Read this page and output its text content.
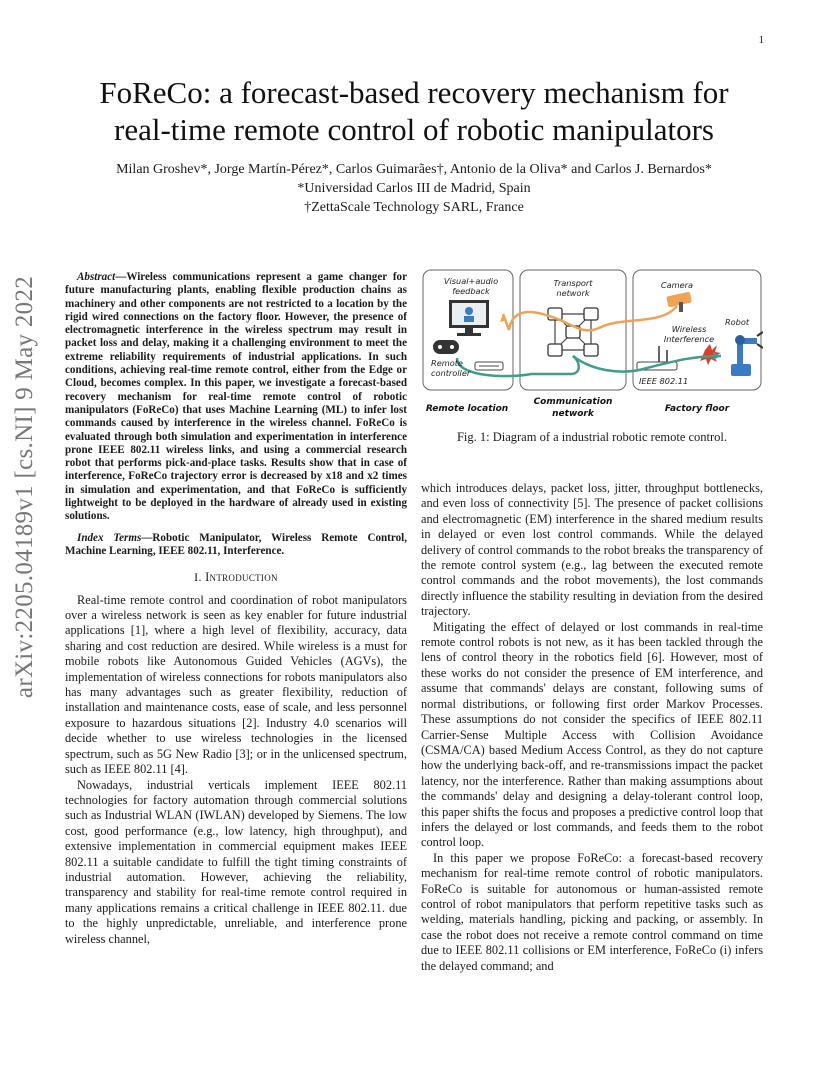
1
arXiv:2205.04189v1 [cs.NI] 9 May 2022
FoReCo: a forecast-based recovery mechanism for
real-time remote control of robotic manipulators
Milan Groshev*, Jorge Martín-Pérez*, Carlos Guimarães†, Antonio de la Oliva* and Carlos J. Bernardos*
*Universidad Carlos III de Madrid, Spain
†ZettaScale Technology SARL, France

Abstract—Wireless communications represent a game changer for future manufacturing plants, enabling flexible production chains as machinery and other components are not restricted to a location by the rigid wired connections on the factory floor. However, the presence of electromagnetic interference in the wireless spectrum may result in packet loss and delay, making it a challenging environment to meet the extreme reliability requirements of industrial applications. In such conditions, achieving real-time remote control, either from the Edge or Cloud, becomes complex. In this paper, we investigate a forecast-based recovery mechanism for real-time remote control of robotic manipulators (FoReCo) that uses Machine Learning (ML) to infer lost commands caused by interference in the wireless channel. FoReCo is evaluated through both simulation and experimentation in interference prone IEEE 802.11 wireless links, and using a commercial research robot that performs pick-and-place tasks. Results show that in case of interference, FoReCo trajectory error is decreased by x18 and x2 times in simulation and experimentation, and that FoReCo is sufficiently lightweight to be deployed in the hardware of already used in existing solutions.

Index Terms—Robotic Manipulator, Wireless Remote Control, Machine Learning, IEEE 802.11, Interference.

I. Introduction

Real-time remote control and coordination of robot manipulators over a wireless network is seen as key enabler for future industrial applications [1], where a high level of flexibility, accuracy, data sharing and cost reduction are desired. While wireless is a must for mobile robots like Autonomous Guided Vehicles (AGVs), the implementation of wireless connections for robots manipulators also has many advantages such as greater flexibility, reduction of installation and maintenance costs, ease of scale, and less personnel exposure to hazardous situations [2]. Industry 4.0 scenarios will decide whether to use wireless technologies in the licensed spectrum, such as 5G New Radio [3]; or in the unlicensed spectrum, such as IEEE 802.11 [4].

Nowadays, industrial verticals implement IEEE 802.11 technologies for factory automation through commercial solutions such as Industrial WLAN (IWLAN) developed by Siemens. The low cost, good performance (e.g., low latency, high throughput), and extensive implementation in commercial equipment makes IEEE 802.11 a suitable candidate to fulfill the tight timing constraints of industrial automation. However, achieving the reliability, transparency and stability for real-time remote control required in many applications remains a critical challenge in IEEE 802.11. due to the highly unpredictable, unreliable, and interference prone wireless channel,

Visual+audio
feedback
Transport
network
Camera
Robot
Wireless
Interference
Remote
controller
IEEE 802.11
Remote location
Communication
network	Factory floor
Fig. 1: Diagram of a industrial robotic remote control.

which introduces delays, packet loss, jitter, throughput bottlenecks, and even loss of connectivity [5]. The presence of packet collisions and electromagnetic (EM) interference in the shared medium results in delayed or even lost control commands. While the delayed delivery of control commands to the robot breaks the transparency of the remote control system (e.g., lag between the executed remote control commands and the robot movements), the lost commands directly influence the stability resulting in deviation from the desired trajectory.

Mitigating the effect of delayed or lost commands in real-time remote control robots is not new, as it has been tackled through the lens of control theory in the robotics field [6]. However, most of these works do not consider the presence of EM interference, and assume that commands' delays are constant, following sums of normal distributions, or following first order Markov Processes. These assumptions do not consider the specifics of IEEE 802.11 Carrier-Sense Multiple Access with Collision Avoidance (CSMA/CA) based Medium Access Control, as they do not capture how the underlying back-off, and re-transmissions impact the packet latency, nor the interference. Rather than making assumptions about the commands' delay and designing a delay-tolerant control loop, this paper shifts the focus and proposes a predictive control loop that infers the delayed or lost commands, and feeds them to the robot control loop.

In this paper we propose FoReCo: a forecast-based recovery mechanism for real-time remote control of robotic manipulators. FoReCo is suitable for autonomous or human-assisted remote control of robot manipulators that perform repetitive tasks such as welding, materials handling, picking and packing, or assembly. In case the robot does not receive a remote control command on time due to IEEE 802.11 collisions or EM interference, FoReCo (i) infers the delayed command; and
